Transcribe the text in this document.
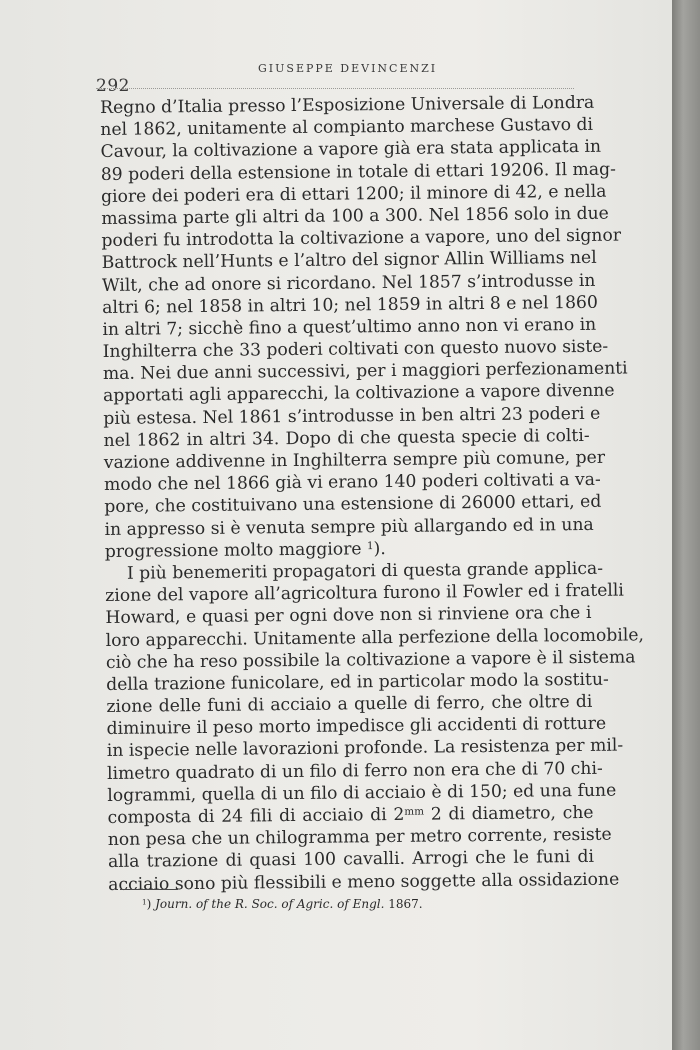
292
GIUSEPPE DEVINCENZI
Regno d’Italia presso l’Esposizione Universale di Londra
nel 1862, unitamente al compianto marchese Gustavo di
Cavour, la coltivazione a vapore già era stata applicata in
89 poderi della estensione in totale di ettari 19206. Il mag-
giore dei poderi era di ettari 1200; il minore di 42, e nella
massima parte gli altri da 100 a 300. Nel 1856 solo in due
poderi fu introdotta la coltivazione a vapore, uno del signor
Battrock nell’Hunts e l’altro del signor Allin Williams nel
Wilt, che ad onore si ricordano. Nel 1857 s’introdusse in
altri 6; nel 1858 in altri 10; nel 1859 in altri 8 e nel 1860
in altri 7; sicchè fino a quest’ultimo anno non vi erano in
Inghilterra che 33 poderi coltivati con questo nuovo siste-
ma. Nei due anni successivi, per i maggiori perfezionamenti
apportati agli apparecchi, la coltivazione a vapore divenne
più estesa. Nel 1861 s’introdusse in ben altri 23 poderi e
nel 1862 in altri 34. Dopo di che questa specie di colti-
vazione addivenne in Inghilterra sempre più comune, per
modo che nel 1866 già vi erano 140 poderi coltivati a va-
pore, che costituivano una estensione di 26000 ettari, ed
in appresso si è venuta sempre più allargando ed in una
progressione molto maggiore $^1$).
I più benemeriti propagatori di questa grande applica-
zione del vapore all’agricoltura furono il Fowler ed i fratelli
Howard, e quasi per ogni dove non si rinviene ora che i
loro apparecchi. Unitamente alla perfezione della locomobile,
ciò che ha reso possibile la coltivazione a vapore è il sistema
della trazione funicolare, ed in particolar modo la sostitu-
zione delle funi di acciaio a quelle di ferro, che oltre di
diminuire il peso morto impedisce gli accidenti di rotture
in ispecie nelle lavorazioni profonde. La resistenza per mil-
limetro quadrato di un filo di ferro non era che di 70 chi-
logrammi, quella di un filo di acciaio è di 150; ed una fune
composta di 24 fili di acciaio di $2^{mm}$ 2 di diametro, che
non pesa che un chilogramma per metro corrente, resiste
alla trazione di quasi 100 cavalli. Arrogi che le funi di
acciaio sono più flessibili e meno soggette alla ossidazione
$^1$) Journ. of the R. Soc. of Agric. of Engl. 1867.
